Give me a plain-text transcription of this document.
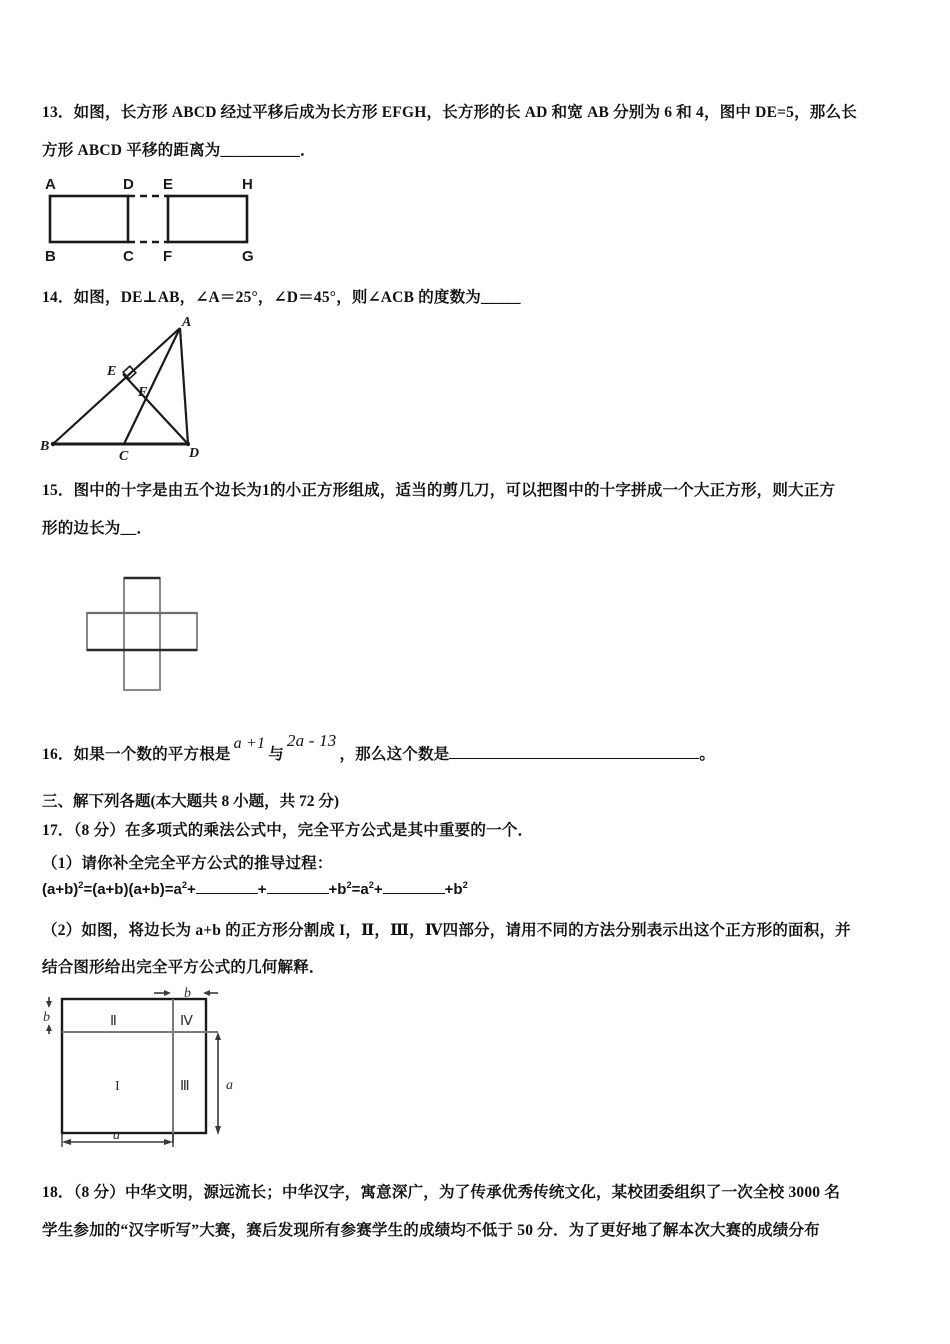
13．如图，长方形 ABCD 经过平移后成为长方形 EFGH，长方形的长 AD 和宽 AB 分别为 6 和 4，图中 DE=5，那么长
方形 ABCD 平移的距离为__________．
A	D E	H
B	C F	G
14．如图，DE⊥AB，∠A＝25°，∠D＝45°，则∠ACB 的度数为_____
A
B
C	D
E
F
15．图中的十字是由五个边长为1的小正方形组成，适当的剪几刀，可以把图中的十字拼成一个大正方形，则大正方
形的边长为__．
16．如果一个数的平方根是a +1与2a - 13，那么这个数是	。
三、解下列各题(本大题共 8 小题，共 72 分)
17．（8 分）在多项式的乘法公式中，完全平方公式是其中重要的一个．
（1）请你补全完全平方公式的推导过程：
$(a+b)^2=(a+b)(a+b)=a^2+$	+	$+b^2=a^2+$	$+b^2$
（2）如图，将边长为 a+b 的正方形分割成 I，Ⅱ，Ⅲ，Ⅳ四部分，请用不同的方法分别表示出这个正方形的面积，并
结合图形给出完全平方公式的几何解释．
Ⅱ	Ⅳ
I	Ⅲ
b
b
a
a
18．（8 分）中华文明，源远流长；中华汉字，寓意深广，为了传承优秀传统文化，某校团委组织了一次全校 3000 名
学生参加的“汉字听写”大赛，赛后发现所有参赛学生的成绩均不低于 50 分．为了更好地了解本次大赛的成绩分布
